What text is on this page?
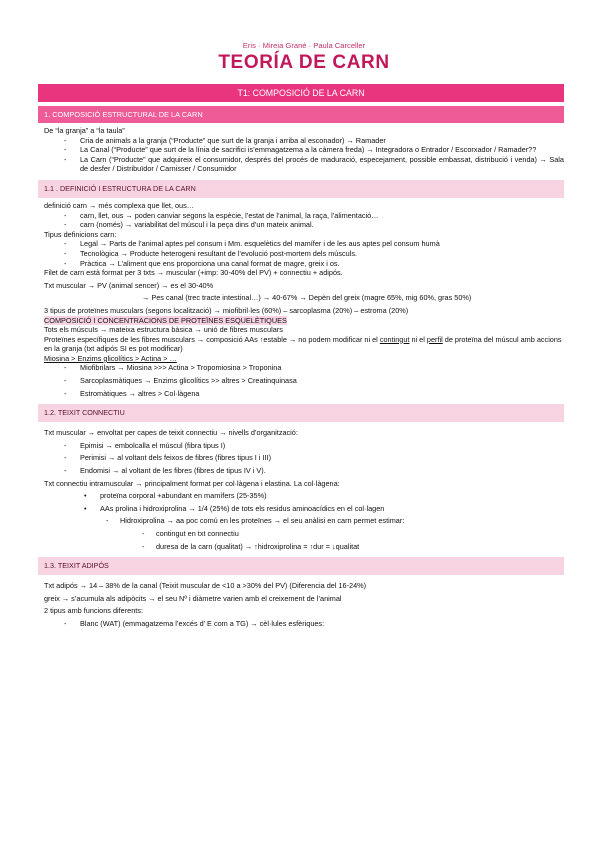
Eris · Mireia Grané · Paula Carceller
TEORÍA DE CARN
T1: COMPOSICIÓ DE LA CARN
1. COMPOSICIÓ ESTRUCTURAL DE LA CARN
De “la granja” a “la taula”
- Cria de animals a la granja (“Producte” que surt de la granja i arriba al esconador) → Ramader
- La Canal (“Producte” que surt de la línia de sacrifici is’emmagatzema a la càmera freda) → Integradora o Entrador / Escorxador / Ramader??
- La Carn (“Producte” que adquireix el consumidor, després del procés de maduració, especejament, possible embassat, distribució i venda) → Sala de desfer / Distribuïdor / Carnisser / Consumidor
1.1 . DEFINICIÓ I ESTRUCTURA DE LA CARN
definició carn → més complexa que llet, ous…
- carn, llet, ous → poden canviar segons la espècie, l’estat de l’animal, la raça, l’alimentació…
- carn (només) → variabilitat del múscul i la peça dins d’un mateix animal.
Tipus definicions carn:
- Legal → Parts de l’animal aptes pel consum i Mm. esquelètics del mamífer i de les aus aptes pel consum humà
- Tecnològica → Producte heterogeni resultant de l’evolució post-mortem dels músculs.
- Pràctica → L’aliment que ens proporciona una canal format de magre, greix i os.
Filet de carn està format per 3 txts → muscular (+imp: 30-40% del PV) + connectiu + adipós.
Txt muscular → PV (animal sencer) → es el 30-40%
→ Pes canal (trec tracte intestinal…) → 40-67% → Depèn del greix (magre 65%, mig 60%, gras 50%)
3 tipus de proteïnes musculars (segons localització) → miofibril·les (60%) – sarcoplasma (20%) – estroma (20%)
COMPOSICIÓ I CONCENTRACIONS DE PROTEÏNES ESQUELÈTIQUES
Tots els múscuIs → mateixa estructura bàsica → unió de fibres musculars
Proteïnes específiques de les fibres musculars → composició AAs ↑estable → no podem modificar ni el contingut ni el perfil de proteïna del múscul amb accions en la granja (txt adipós SI es pot modificar)
Miosina > Enzims glicolítics > Actina > …
- Miofibrilars → Miosina >>> Actina > Tropomiosina > Troponina
- Sarcoplasmàtiques → Enzims glicolítics >> altres > Creatinquinasa
- Estromàtiques → altres > Col·làgena
1.2. TEIXIT CONNECTIU
Txt muscular → envoltat per capes de teixit connectiu → nivells d’organització:
- Epimisi → embolcalla el múscul (fibra tipus I)
- Perimisi → al voltant dels feixos de fibres (fibres tipus I i III)
- Endomisi → al voltant de les fibres (fibres de tipus IV i V).
Txt connectiu intramuscular → principalment format per col·làgena i elastina. La col·làgena:
• proteïna corporal +abundant en mamífers (25-35%)
• AAs prolina i hidroxiprolina → 1/4 (25%) de tots els residus aminoacídics en el col·lagen
- Hidroxiprolina → aa poc comú en les proteïnes → el seu anàlisi en carn permet estimar:
- contingut en txt connectiu
- duresa de la carn (qualitat) → ↑hidroxiprolina = ↑dur = ↓qualitat
1.3. TEIXIT ADIPÓS
Txt adipós → 14 – 38% de la canal (Teixit muscular de <10 a >30% del PV) (Diferencia del 16-24%)
greix → s’acumula als adipòcits → el seu Nº i diàmetre varien amb el creixement de l’animal
2 tipus amb funcions diferents:
- Blanc (WAT) (emmagatzema l’excés d’ E com a TG) → cèl·lules esfèriques:
